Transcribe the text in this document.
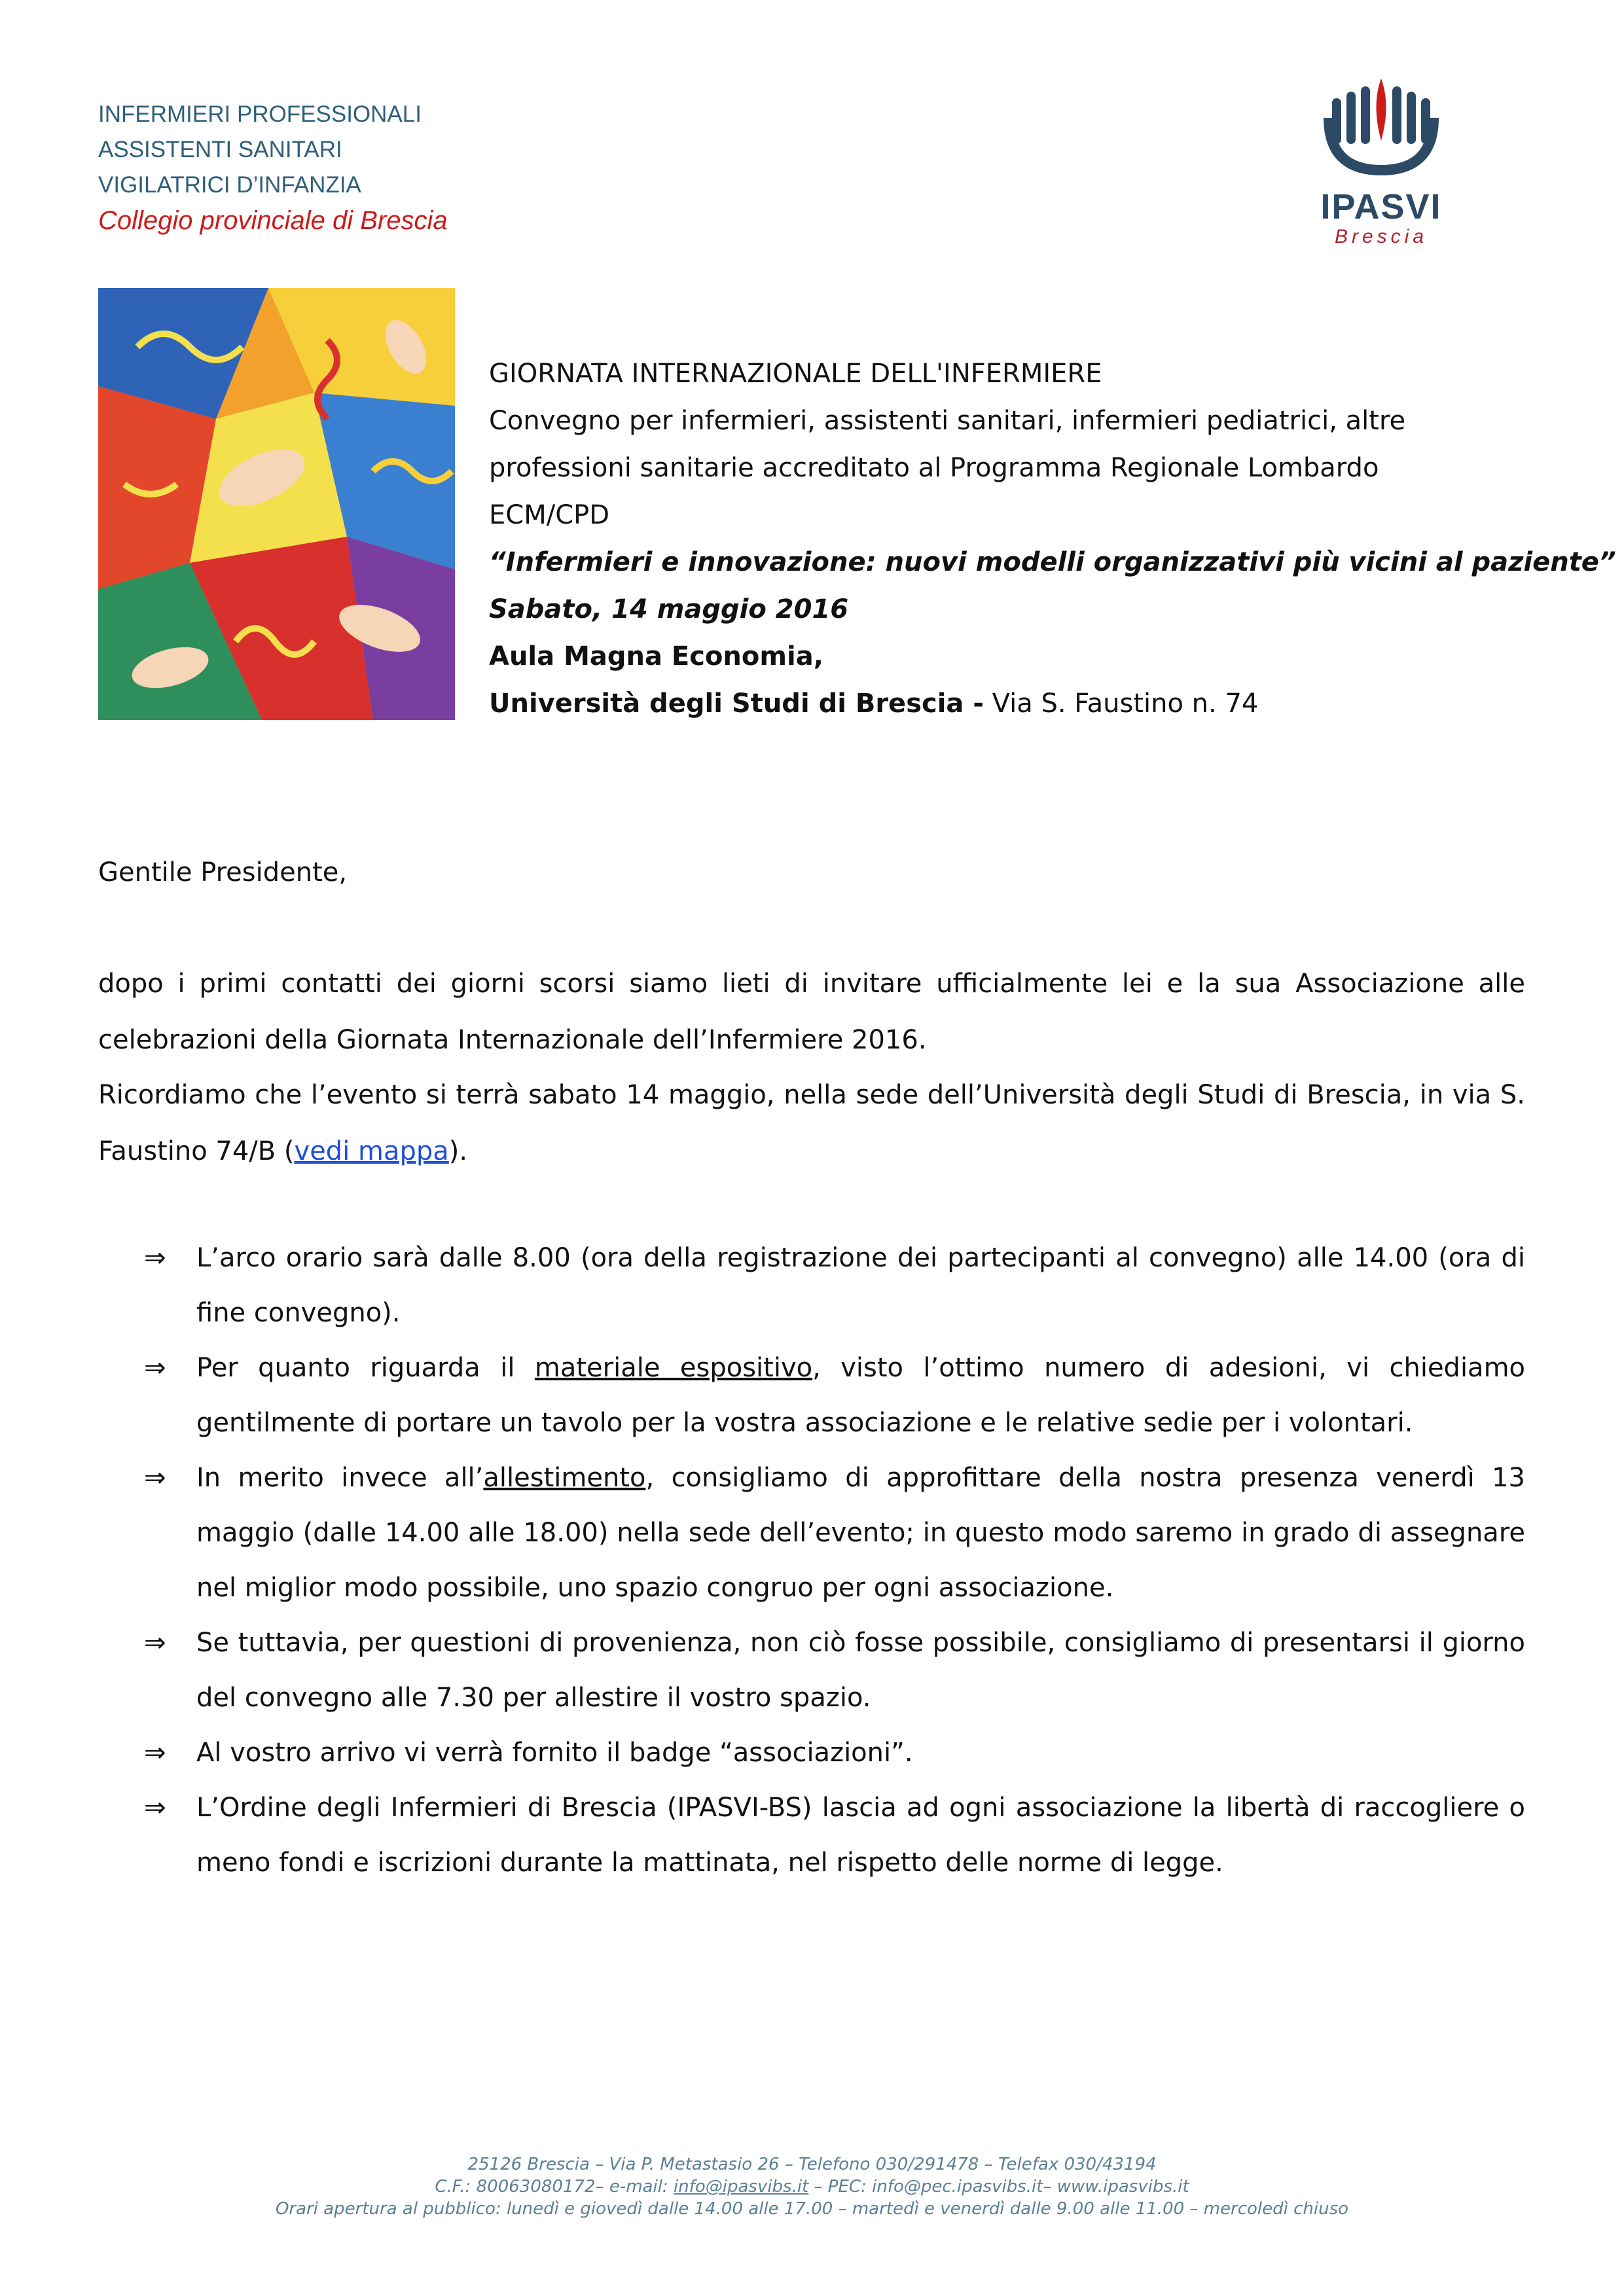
INFERMIERI PROFESSIONALI
ASSISTENTI SANITARI
VIGILATRICI D’INFANZIA
Collegio provinciale di Brescia	IPASVI
Brescia
GIORNATA INTERNAZIONALE DELL'INFERMIERE
Convegno per infermieri, assistenti sanitari, infermieri pediatrici, altre
professioni sanitarie accreditato al Programma Regionale Lombardo
ECM/CPD
“Infermieri e innovazione: nuovi modelli organizzativi più vicini al paziente”
Sabato, 14 maggio 2016
Aula Magna Economia,
Università degli Studi di Brescia - Via S. Faustino n. 74
Gentile Presidente,
dopo i primi contatti dei giorni scorsi siamo lieti di invitare ufficialmente lei e la sua Associazione alle celebrazioni della Giornata Internazionale dell’Infermiere 2016.
Ricordiamo che l’evento si terrà sabato 14 maggio, nella sede dell’Università degli Studi di Brescia, in via S. Faustino 74/B (vedi mappa).
⇒	L’arco orario sarà dalle 8.00 (ora della registrazione dei partecipanti al convegno) alle 14.00 (ora di fine convegno).
⇒	Per quanto riguarda il materiale espositivo, visto l’ottimo numero di adesioni, vi chiediamo gentilmente di portare un tavolo per la vostra associazione e le relative sedie per i volontari.
⇒	In merito invece all’allestimento, consigliamo di approfittare della nostra presenza venerdì 13 maggio (dalle 14.00 alle 18.00) nella sede dell’evento; in questo modo saremo in grado di assegnare nel miglior modo possibile, uno spazio congruo per ogni associazione.
⇒	Se tuttavia, per questioni di provenienza, non ciò fosse possibile, consigliamo di presentarsi il giorno del convegno alle 7.30 per allestire il vostro spazio.
⇒	Al vostro arrivo vi verrà fornito il badge “associazioni”.
⇒	L’Ordine degli Infermieri di Brescia (IPASVI-BS) lascia ad ogni associazione la libertà di raccogliere o meno fondi e iscrizioni durante la mattinata, nel rispetto delle norme di legge.
25126 Brescia – Via P. Metastasio 26 – Telefono 030/291478 – Telefax 030/43194
C.F.: 80063080172– e-mail: info@ipasvibs.it – PEC: info@pec.ipasvibs.it– www.ipasvibs.it
Orari apertura al pubblico: lunedì e giovedì dalle 14.00 alle 17.00 – martedì e venerdì dalle 9.00 alle 11.00 – mercoledì chiuso
